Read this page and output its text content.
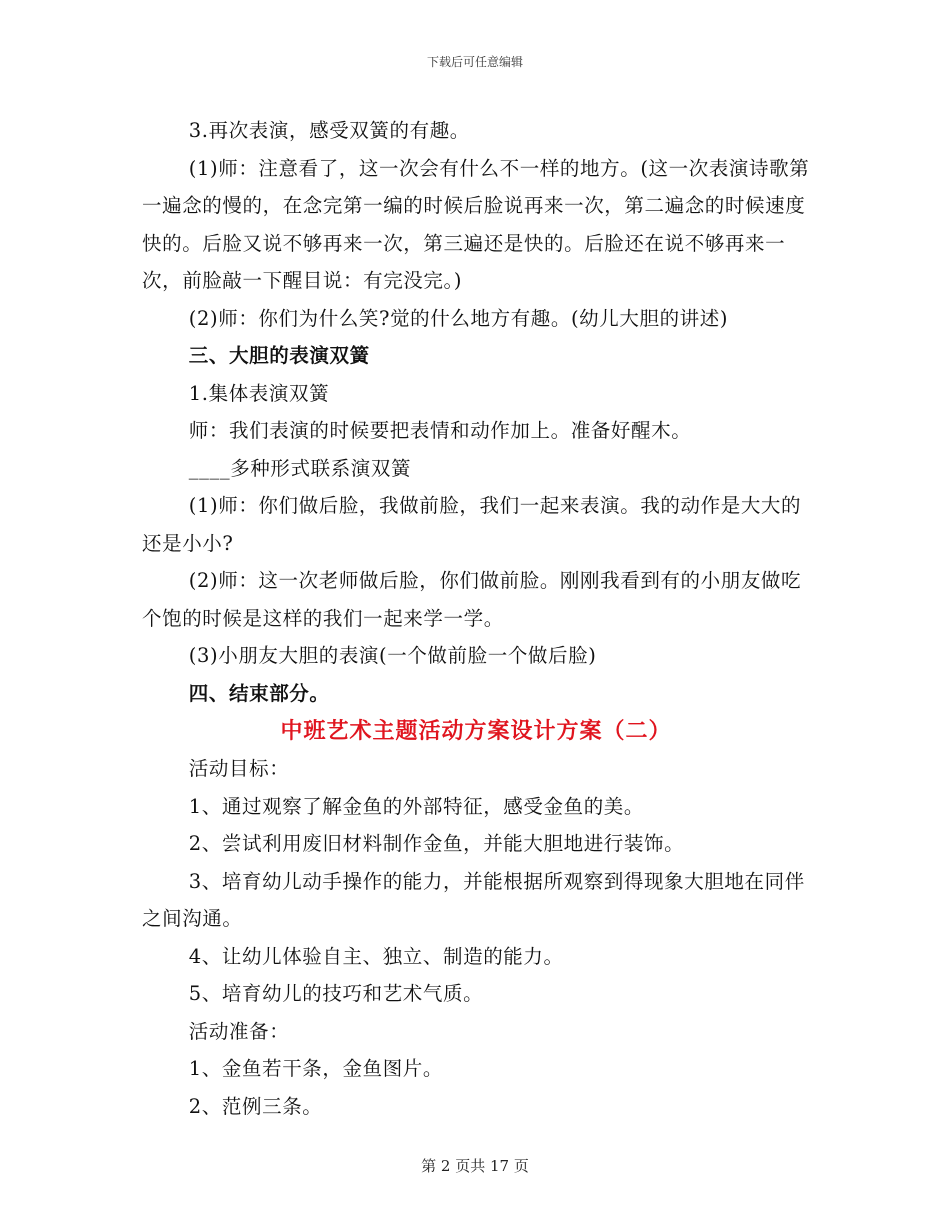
下载后可任意编辑

3.再次表演，感受双簧的有趣。

(1)师：注意看了，这一次会有什么不一样的地方。(这一次表演诗歌第一遍念的慢的，在念完第一编的时候后脸说再来一次，第二遍念的时候速度快的。后脸又说不够再来一次，第三遍还是快的。后脸还在说不够再来一次，前脸敲一下醒目说：有完没完。)

(2)师：你们为什么笑?觉的什么地方有趣。(幼儿大胆的讲述)

三、大胆的表演双簧

1.集体表演双簧

师：我们表演的时候要把表情和动作加上。准备好醒木。

____多种形式联系演双簧

(1)师：你们做后脸，我做前脸，我们一起来表演。我的动作是大大的还是小小?

(2)师：这一次老师做后脸，你们做前脸。刚刚我看到有的小朋友做吃个饱的时候是这样的我们一起来学一学。

(3)小朋友大胆的表演(一个做前脸一个做后脸)

四、结束部分。

中班艺术主题活动方案设计方案（二）

活动目标：

1、通过观察了解金鱼的外部特征，感受金鱼的美。

2、尝试利用废旧材料制作金鱼，并能大胆地进行装饰。

3、培育幼儿动手操作的能力，并能根据所观察到得现象大胆地在同伴之间沟通。

4、让幼儿体验自主、独立、制造的能力。

5、培育幼儿的技巧和艺术气质。

活动准备：

1、金鱼若干条，金鱼图片。

2、范例三条。

第 2 页共 17 页
